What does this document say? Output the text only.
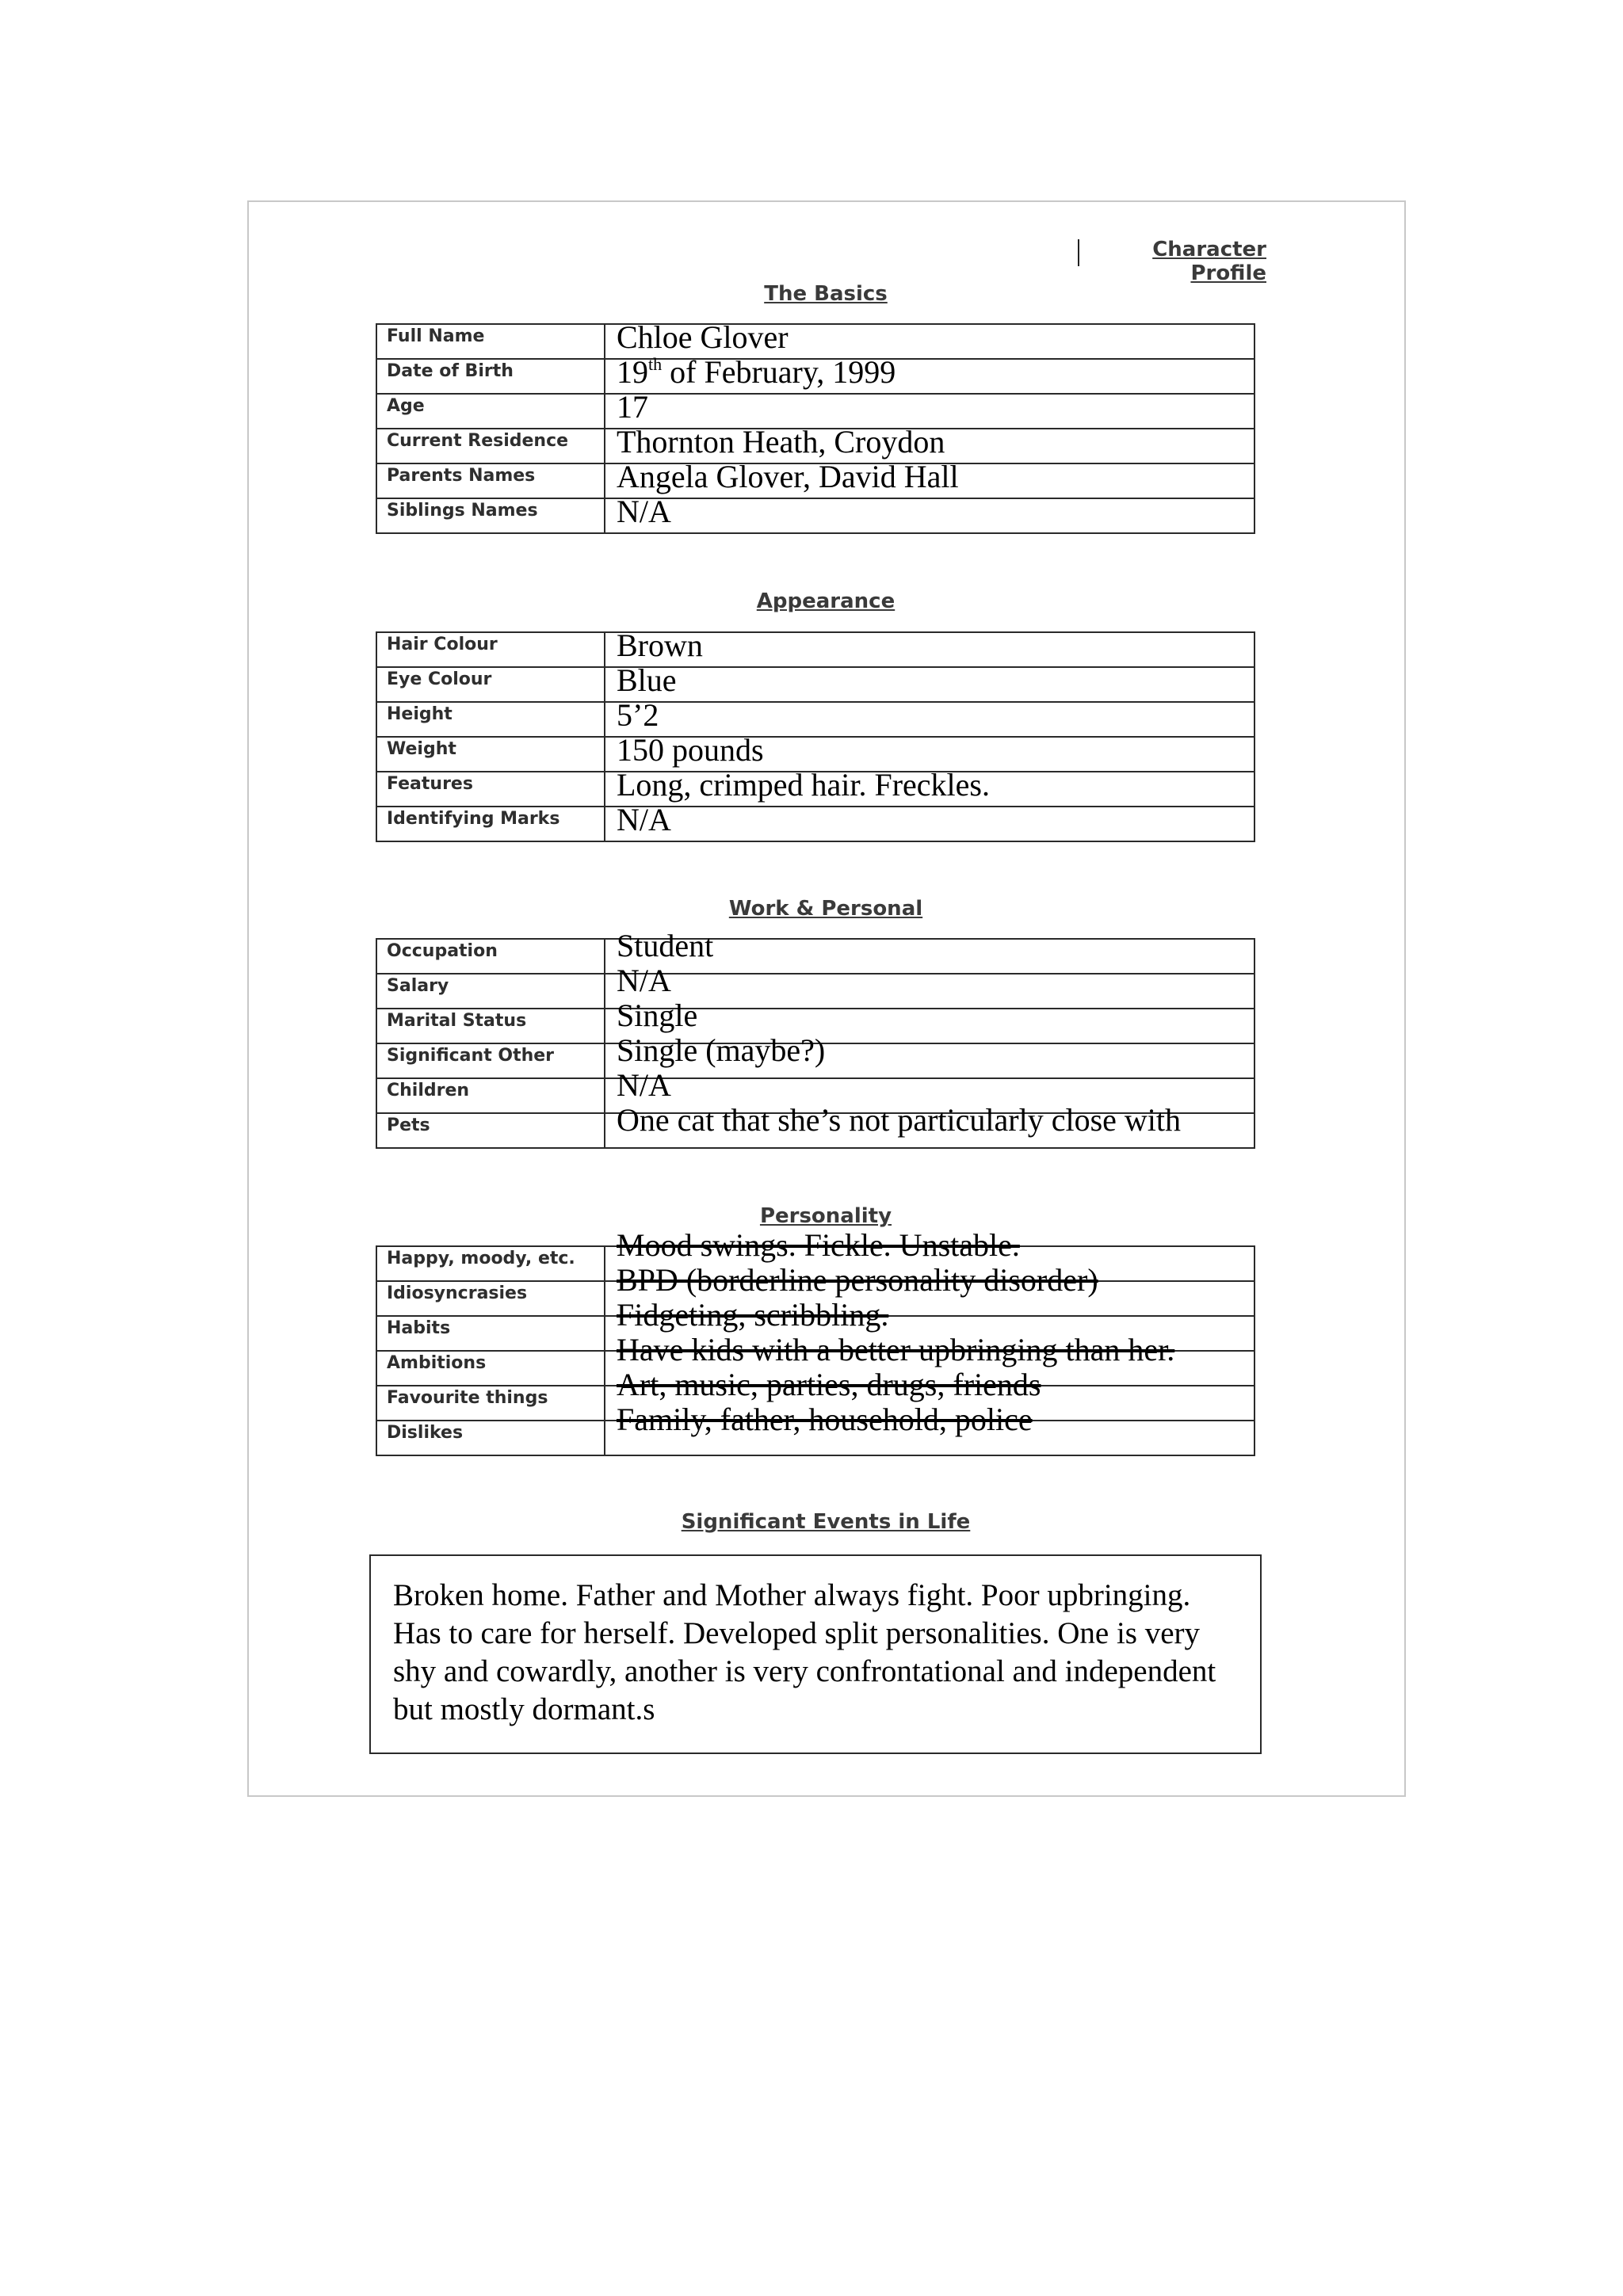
Character Profile
The Basics
Full Name	Chloe Glover
Date of Birth	19th of February, 1999
Age	17
Current Residence	Thornton Heath, Croydon
Parents Names	Angela Glover, David Hall
Siblings Names	N/A
Appearance
Hair Colour	Brown
Eye Colour	Blue
Height	5’2
Weight	150 pounds
Features	Long, crimped hair. Freckles.
Identifying Marks	N/A
Work & Personal
Occupation	Student
Salary	N/A
Marital Status	Single
Significant Other	Single (maybe?)
Children	N/A
Pets	One cat that she’s not particularly close with
Personality
Happy, moody, etc.	Mood swings. Fickle. Unstable.
Idiosyncrasies	BPD (borderline personality disorder)
Habits	Fidgeting, scribbling.
Ambitions	Have kids with a better upbringing than her.
Favourite things	Art, music, parties, drugs, friends
Dislikes	Family, father, household, police
Significant Events in Life
Broken home. Father and Mother always fight. Poor upbringing. Has to care for herself. Developed split personalities. One is very shy and cowardly, another is very confrontational and independent but mostly dormant.s
